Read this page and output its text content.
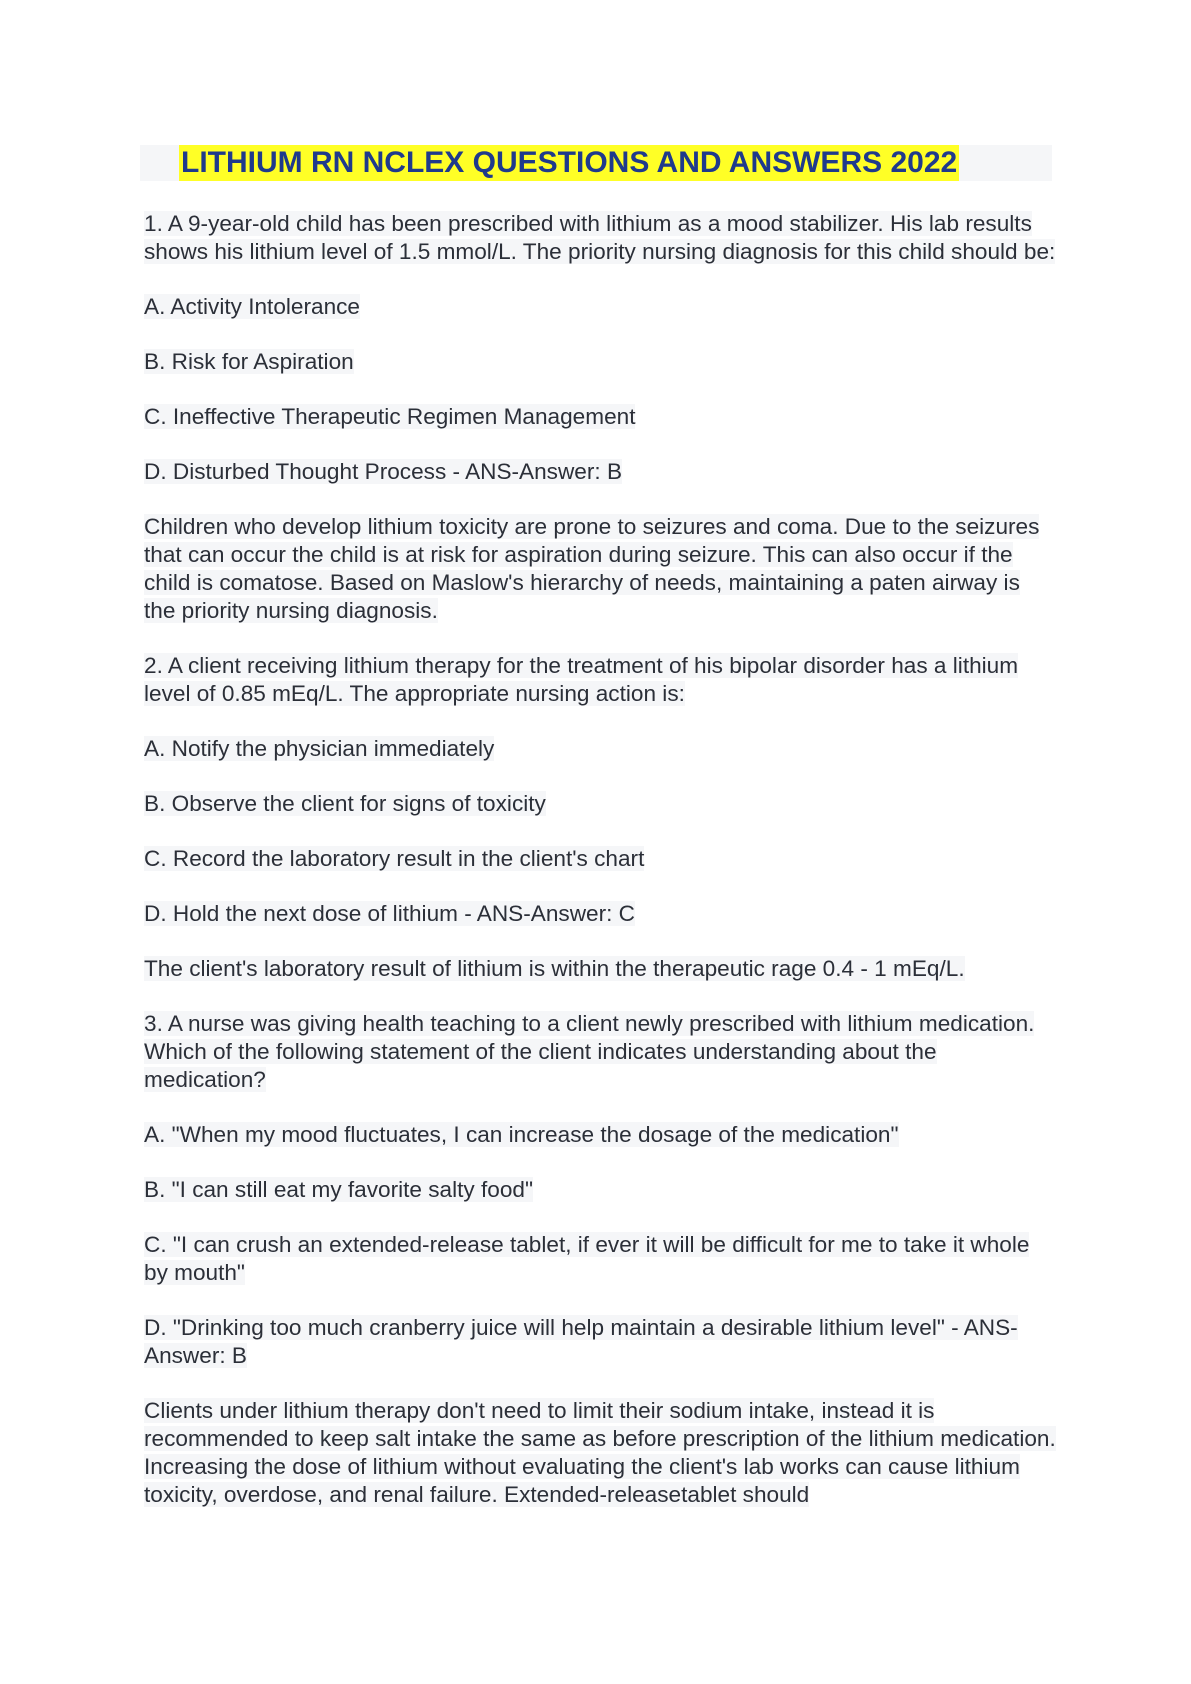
LITHIUM RN NCLEX QUESTIONS AND ANSWERS 2022

1. A 9-year-old child has been prescribed with lithium as a mood stabilizer. His lab results shows his lithium level of 1.5 mmol/L. The priority nursing diagnosis for this child should be:

A. Activity Intolerance

B. Risk for Aspiration

C. Ineffective Therapeutic Regimen Management

D. Disturbed Thought Process - ANS-Answer: B

Children who develop lithium toxicity are prone to seizures and coma. Due to the seizures that can occur the child is at risk for aspiration during seizure. This can also occur if the child is comatose. Based on Maslow's hierarchy of needs, maintaining a paten airway is the priority nursing diagnosis.

2. A client receiving lithium therapy for the treatment of his bipolar disorder has a lithium level of 0.85 mEq/L. The appropriate nursing action is:

A. Notify the physician immediately

B. Observe the client for signs of toxicity

C. Record the laboratory result in the client's chart

D. Hold the next dose of lithium - ANS-Answer: C

The client's laboratory result of lithium is within the therapeutic rage 0.4 - 1 mEq/L.

3. A nurse was giving health teaching to a client newly prescribed with lithium medication. Which of the following statement of the client indicates understanding about the medication?

A. "When my mood fluctuates, I can increase the dosage of the medication"

B. "I can still eat my favorite salty food"

C. "I can crush an extended-release tablet, if ever it will be difficult for me to take it whole by mouth"

D. "Drinking too much cranberry juice will help maintain a desirable lithium level" - ANS-Answer: B

Clients under lithium therapy don't need to limit their sodium intake, instead it is recommended to keep salt intake the same as before prescription of the lithium medication. Increasing the dose of lithium without evaluating the client's lab works can cause lithium toxicity, overdose, and renal failure. Extended-releasetablet should
